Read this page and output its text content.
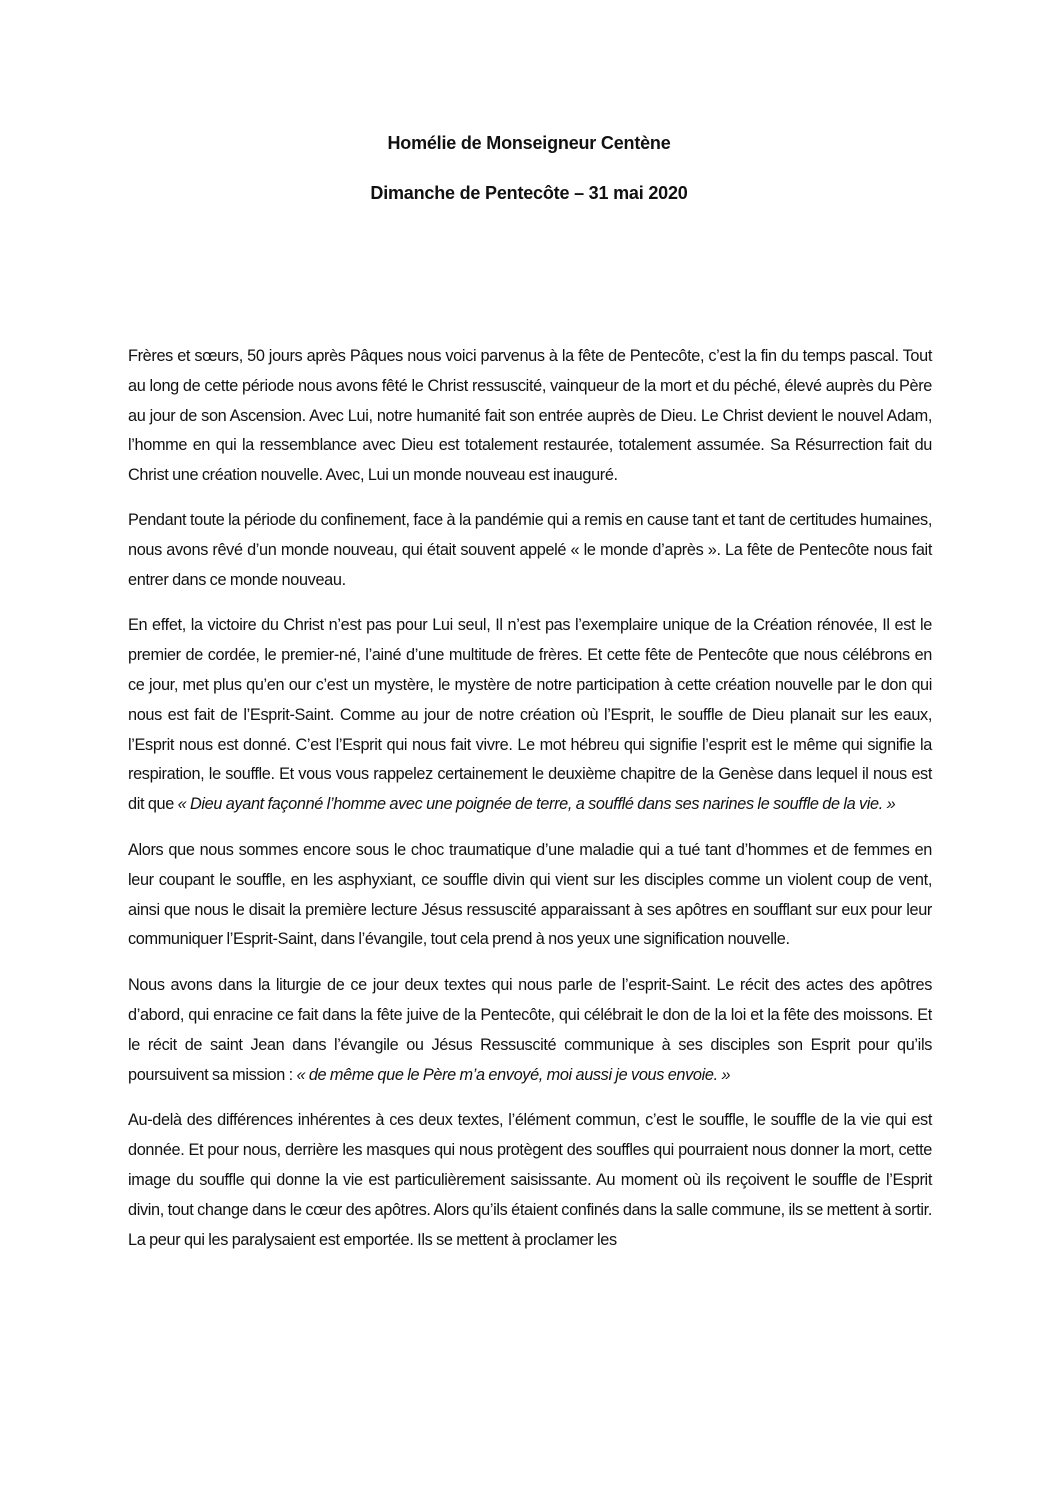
Homélie de Monseigneur Centène
Dimanche de Pentecôte – 31 mai 2020

Frères et sœurs, 50 jours après Pâques nous voici parvenus à la fête de Pentecôte, c’est la fin du temps pascal. Tout au long de cette période nous avons fêté le Christ ressuscité, vainqueur de la mort et du péché, élevé auprès du Père au jour de son Ascension. Avec Lui, notre humanité fait son entrée auprès de Dieu. Le Christ devient le nouvel Adam, l’homme en qui la ressemblance avec Dieu est totalement restaurée, totalement assumée. Sa Résurrection fait du Christ une création nouvelle. Avec, Lui un monde nouveau est inauguré.

Pendant toute la période du confinement, face à la pandémie qui a remis en cause tant et tant de certitudes humaines, nous avons rêvé d’un monde nouveau, qui était souvent appelé « le monde d’après ». La fête de Pentecôte nous fait entrer dans ce monde nouveau.

En effet, la victoire du Christ n’est pas pour Lui seul, Il n’est pas l’exemplaire unique de la Création rénovée, Il est le premier de cordée, le premier-né, l’ainé d’une multitude de frères. Et cette fête de Pentecôte que nous célébrons en ce jour, met plus qu’en our c’est un mystère, le mystère de notre participation à cette création nouvelle par le don qui nous est fait de l’Esprit-Saint. Comme au jour de notre création où l’Esprit, le souffle de Dieu planait sur les eaux, l’Esprit nous est donné. C’est l’Esprit qui nous fait vivre. Le mot hébreu qui signifie l’esprit est le même qui signifie la respiration, le souffle. Et vous vous rappelez certainement le deuxième chapitre de la Genèse dans lequel il nous est dit que « Dieu ayant façonné l’homme avec une poignée de terre, a soufflé dans ses narines le souffle de la vie. »

Alors que nous sommes encore sous le choc traumatique d’une maladie qui a tué tant d’hommes et de femmes en leur coupant le souffle, en les asphyxiant, ce souffle divin qui vient sur les disciples comme un violent coup de vent, ainsi que nous le disait la première lecture Jésus ressuscité apparaissant à ses apôtres en soufflant sur eux pour leur communiquer l’Esprit-Saint, dans l’évangile, tout cela prend à nos yeux une signification nouvelle.

Nous avons dans la liturgie de ce jour deux textes qui nous parle de l’esprit-Saint. Le récit des actes des apôtres d’abord, qui enracine ce fait dans la fête juive de la Pentecôte, qui célébrait le don de la loi et la fête des moissons. Et le récit de saint Jean dans l’évangile ou Jésus Ressuscité communique à ses disciples son Esprit pour qu’ils poursuivent sa mission : « de même que le Père m’a envoyé, moi aussi je vous envoie. »

Au-delà des différences inhérentes à ces deux textes, l’élément commun, c’est le souffle, le souffle de la vie qui est donnée. Et pour nous, derrière les masques qui nous protègent des souffles qui pourraient nous donner la mort, cette image du souffle qui donne la vie est particulièrement saisissante. Au moment où ils reçoivent le souffle de l’Esprit divin, tout change dans le cœur des apôtres. Alors qu’ils étaient confinés dans la salle commune, ils se mettent à sortir. La peur qui les paralysaient est emportée. Ils se mettent à proclamer les
